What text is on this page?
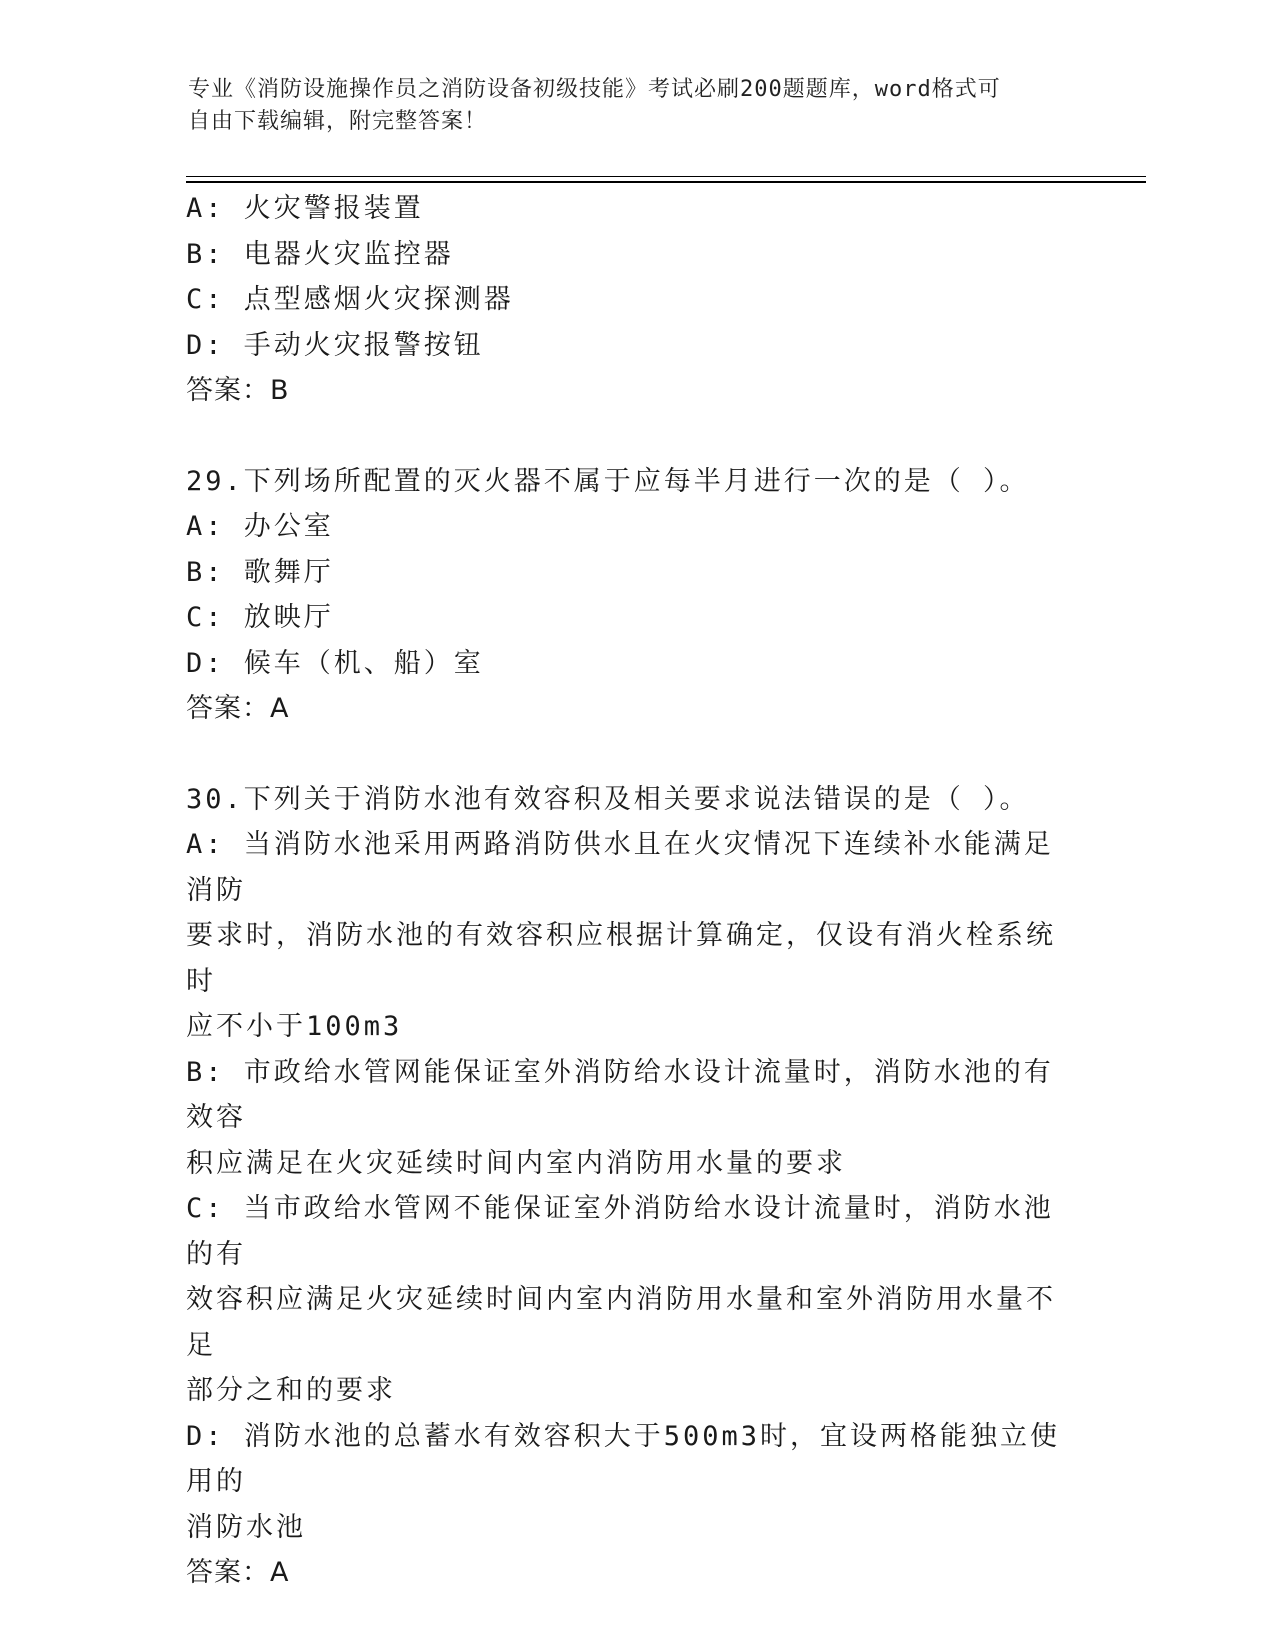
专业《消防设施操作员之消防设备初级技能》考试必刷200题题库，word格式可
自由下载编辑，附完整答案！
A: 火灾警报装置
B: 电器火灾监控器
C: 点型感烟火灾探测器
D: 手动火灾报警按钮
答案：B
29.下列场所配置的灭火器不属于应每半月进行一次的是（ ）。
A: 办公室
B: 歌舞厅
C: 放映厅
D: 候车（机、船）室
答案：A
30.下列关于消防水池有效容积及相关要求说法错误的是（ ）。
A: 当消防水池采用两路消防供水且在火灾情况下连续补水能满足消防
要求时，消防水池的有效容积应根据计算确定，仅设有消火栓系统时
应不小于100m3
B: 市政给水管网能保证室外消防给水设计流量时，消防水池的有效容
积应满足在火灾延续时间内室内消防用水量的要求
C: 当市政给水管网不能保证室外消防给水设计流量时，消防水池的有
效容积应满足火灾延续时间内室内消防用水量和室外消防用水量不足
部分之和的要求
D: 消防水池的总蓄水有效容积大于500m3时，宜设两格能独立使用的
消防水池
答案：A
